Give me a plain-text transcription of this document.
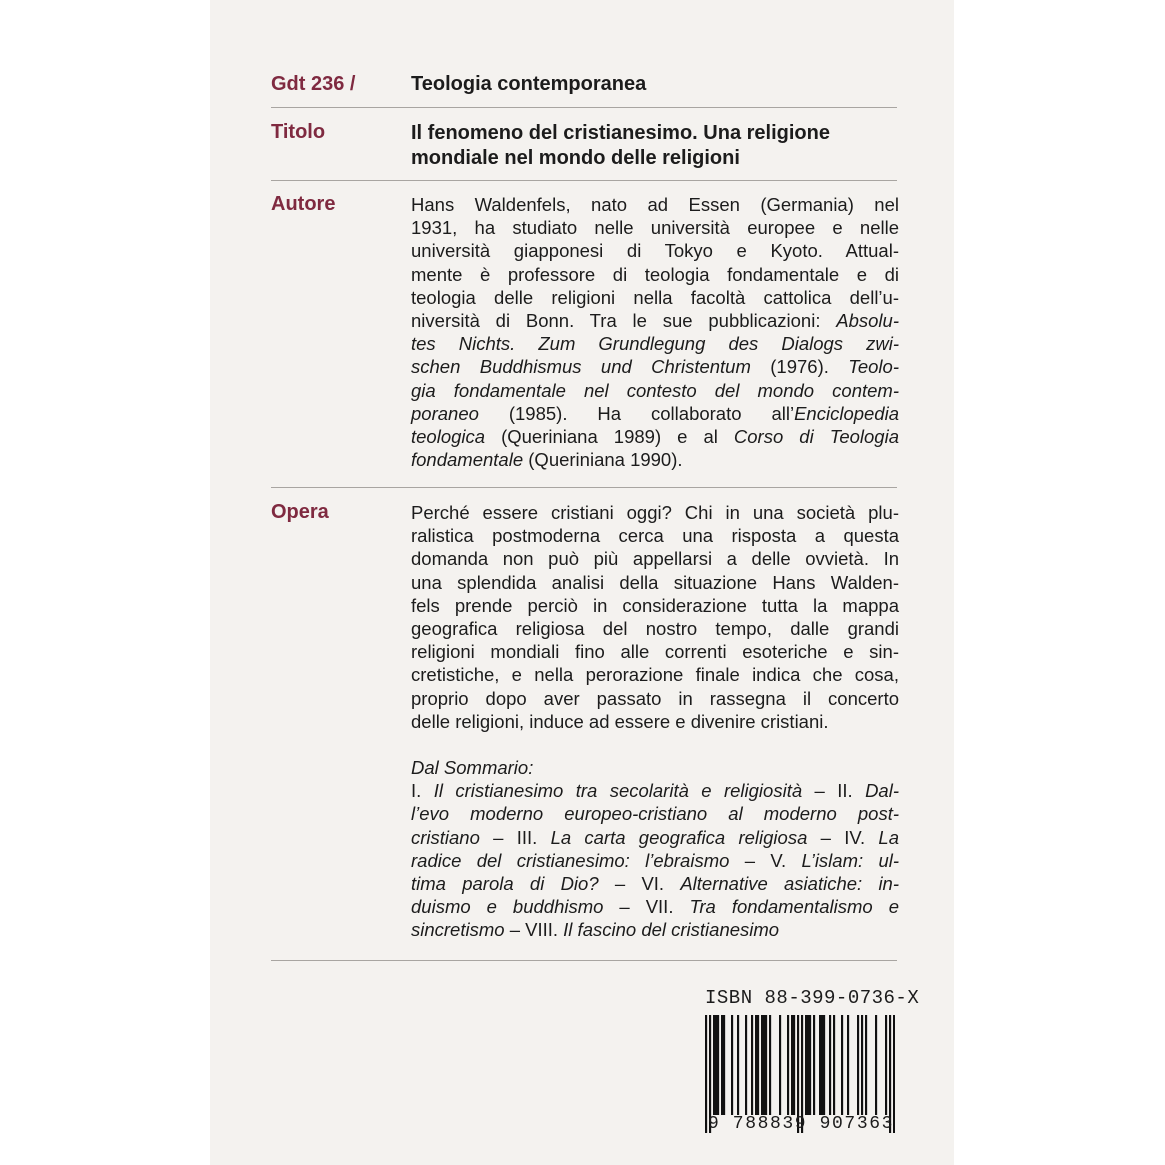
Gdt 236 /	Teologia contemporanea
Titolo	Il fenomeno del cristianesimo. Una religione
mondiale nel mondo delle religioni
Autore	Hans Waldenfels, nato ad Essen (Germania) nel
1931, ha studiato nelle università europee e nelle
università giapponesi di Tokyo e Kyoto. Attual-
mente è professore di teologia fondamentale e di
teologia delle religioni nella facoltà cattolica dell’u-
niversità di Bonn. Tra le sue pubblicazioni: Absolu-
tes Nichts. Zum Grundlegung des Dialogs zwi-
schen Buddhismus und Christentum (1976). Teolo-
gia fondamentale nel contesto del mondo contem-
poraneo (1985). Ha collaborato all’Enciclopedia
teologica (Queriniana 1989) e al Corso di Teologia
fondamentale (Queriniana 1990).
Opera	Perché essere cristiani oggi? Chi in una società plu-
ralistica postmoderna cerca una risposta a questa
domanda non può più appellarsi a delle ovvietà. In
una splendida analisi della situazione Hans Walden-
fels prende perciò in considerazione tutta la mappa
geografica religiosa del nostro tempo, dalle grandi
religioni mondiali fino alle correnti esoteriche e sin-
cretistiche, e nella perorazione finale indica che cosa,
proprio dopo aver passato in rassegna il concerto
delle religioni, induce ad essere e divenire cristiani.
Dal Sommario:
I. Il cristianesimo tra secolarità e religiosità – II. Dal-
l’evo moderno europeo-cristiano al moderno post-
cristiano – III. La carta geografica religiosa – IV. La
radice del cristianesimo: l’ebraismo – V. L’islam: ul-
tima parola di Dio? – VI. Alternative asiatiche: in-
duismo e buddhismo – VII. Tra fondamentalismo e
sincretismo – VIII. Il fascino del cristianesimo
ISBN 88-399-0736-X
9 788839 907363
